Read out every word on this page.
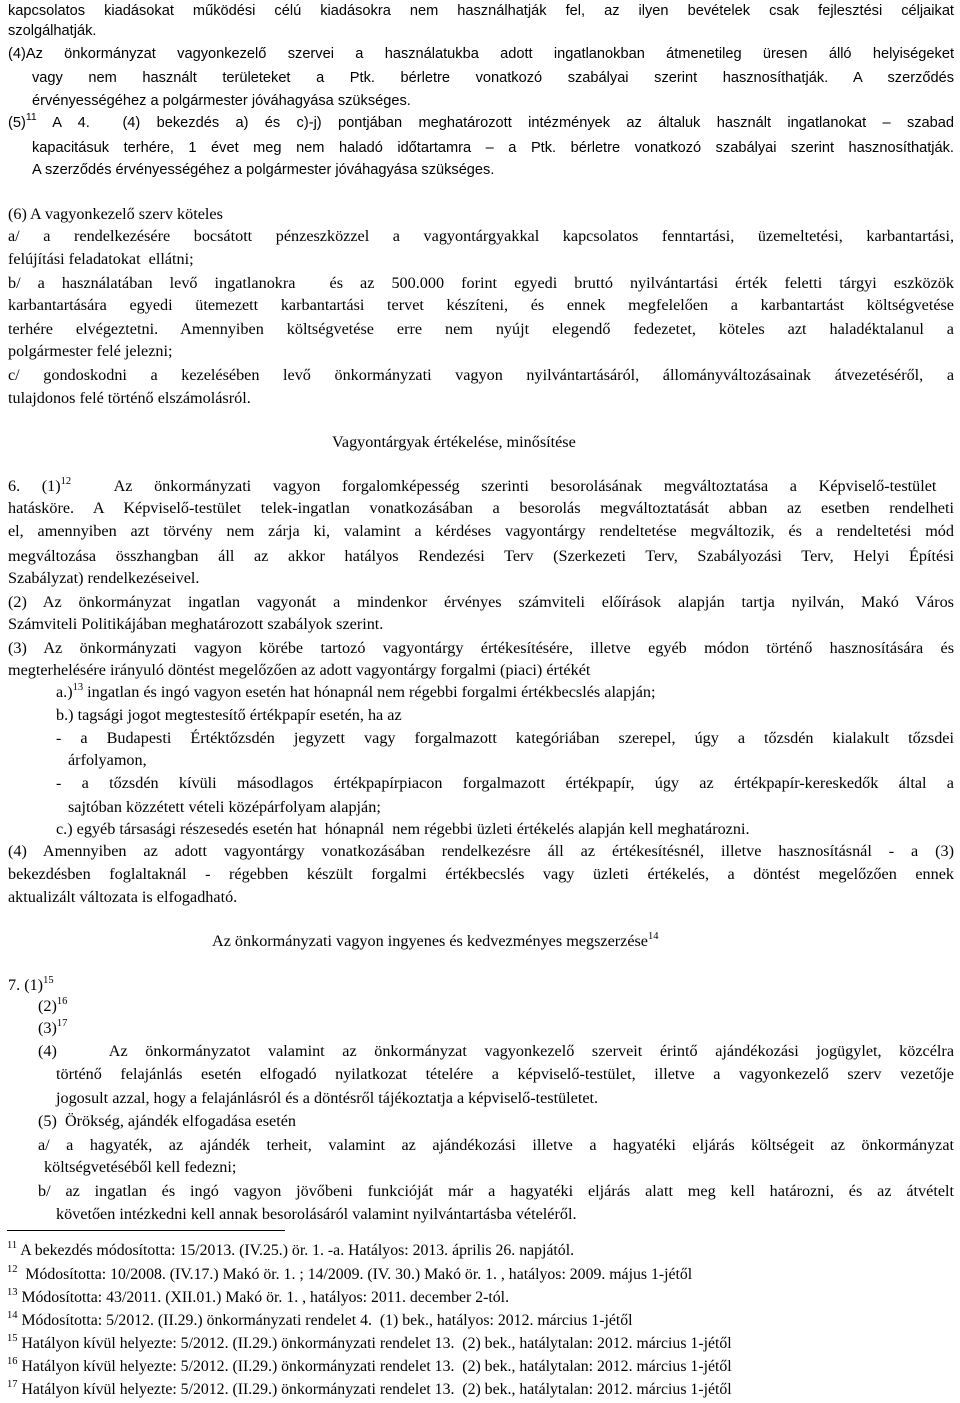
kapcsolatos kiadásokat működési célú kiadásokra nem használhatják fel, az ilyen bevételek csak fejlesztési céljaikat
szolgálhatják.
(4)Az önkormányzat vagyonkezelő szervei a használatukba adott ingatlanokban átmenetileg üresen álló helyiségeket
vagy nem használt területeket a Ptk. bérletre vonatkozó szabályai szerint hasznosíthatják. A szerződés
érvényességéhez a polgármester jóváhagyása szükséges.
$(5)^{11}$ A 4.  (4) bekezdés a) és c)-j) pontjában meghatározott intézmények az általuk használt ingatlanokat – szabad
kapacitásuk terhére, 1 évet meg nem haladó időtartamra – a Ptk. bérletre vonatkozó szabályai szerint hasznosíthatják.
A szerződés érvényességéhez a polgármester jóváhagyása szükséges.
(6) A vagyonkezelő szerv köteles
a/ a rendelkezésére bocsátott pénzeszközzel a vagyontárgyakkal kapcsolatos fenntartási, üzemeltetési, karbantartási,
felújítási feladatokat  ellátni;
b/ a használatában levő ingatlanokra  és az 500.000 forint egyedi bruttó nyilvántartási érték feletti tárgyi eszközök
karbantartására egyedi ütemezett karbantartási tervet készíteni, és ennek megfelelően a karbantartást költségvetése
terhére elvégeztetni. Amennyiben költségvetése erre nem nyújt elegendő fedezetet, köteles azt haladéktalanul a
polgármester felé jelezni;
c/ gondoskodni a kezelésében levő önkormányzati vagyon nyilvántartásáról, állományváltozásainak átvezetéséről, a
tulajdonos felé történő elszámolásról.
Vagyontárgyak értékelése, minősítése
6. $(1)^{12}$  Az önkormányzati vagyon forgalomképesség szerinti besorolásának megváltoztatása a Képviselő-testület
hatásköre. A Képviselő-testület telek-ingatlan vonatkozásában a besorolás megváltoztatását abban az esetben rendelheti
el, amennyiben azt törvény nem zárja ki, valamint a kérdéses vagyontárgy rendeltetése megváltozik, és a rendeltetési mód
megváltozása összhangban áll az akkor hatályos Rendezési Terv (Szerkezeti Terv, Szabályozási Terv, Helyi Építési
Szabályzat) rendelkezéseivel.
(2) Az önkormányzat ingatlan vagyonát a mindenkor érvényes számviteli előírások alapján tartja nyilván, Makó Város
Számviteli Politikájában meghatározott szabályok szerint.
(3) Az önkormányzati vagyon körébe tartozó vagyontárgy értékesítésére, illetve egyéb módon történő hasznosítására és
megterhelésére irányuló döntést megelőzően az adott vagyontárgy forgalmi (piaci) értékét
a.)$^{13}$ ingatlan és ingó vagyon esetén hat hónapnál nem régebbi forgalmi értékbecslés alapján;
b.) tagsági jogot megtestesítő értékpapír esetén, ha az
- a Budapesti Értéktőzsdén jegyzett vagy forgalmazott kategóriában szerepel, úgy a tőzsdén kialakult tőzsdei
árfolyamon,
- a tőzsdén kívüli másodlagos értékpapírpiacon forgalmazott értékpapír, úgy az értékpapír-kereskedők által a
sajtóban közzétett vételi középárfolyam alapján;
c.) egyéb társasági részesedés esetén hat  hónapnál  nem régebbi üzleti értékelés alapján kell meghatározni.
(4) Amennyiben az adott vagyontárgy vonatkozásában rendelkezésre áll az értékesítésnél, illetve hasznosításnál - a (3)
bekezdésben foglaltaknál - régebben készült forgalmi értékbecslés vagy üzleti értékelés, a döntést megelőzően ennek
aktualizált változata is elfogadható.
Az önkormányzati vagyon ingyenes és kedvezményes megszerzése$^{14}$
7. $(1)^{15}$
$(2)^{16}$
$(3)^{17}$
(4)   Az önkormányzatot valamint az önkormányzat vagyonkezelő szerveit érintő ajándékozási jogügylet, közcélra
történő felajánlás esetén elfogadó nyilatkozat tételére a képviselő-testület, illetve a vagyonkezelő szerv vezetője
jogosult azzal, hogy a felajánlásról és a döntésről tájékoztatja a képviselő-testületet.
(5)  Örökség, ajándék elfogadása esetén
a/ a hagyaték, az ajándék terheit, valamint az ajándékozási illetve a hagyatéki eljárás költségeit az önkormányzat
költségvetéséből kell fedezni;
b/ az ingatlan és ingó vagyon jövőbeni funkcióját már a hagyatéki eljárás alatt meg kell határozni, és az átvételt
követően intézkedni kell annak besorolásáról valamint nyilvántartásba vételéről.
$^{11}$ A bekezdés módosította: 15/2013. (IV.25.) ör. 1. -a. Hatályos: 2013. április 26. napjától.
$^{12}$  Módosította: 10/2008. (IV.17.) Makó ör. 1. ; 14/2009. (IV. 30.) Makó ör. 1. , hatályos: 2009. május 1-jétől
$^{13}$ Módosította: 43/2011. (XII.01.) Makó ör. 1. , hatályos: 2011. december 2-tól.
$^{14}$ Módosította: 5/2012. (II.29.) önkormányzati rendelet 4.  (1) bek., hatályos: 2012. március 1-jétől
$^{15}$ Hatályon kívül helyezte: 5/2012. (II.29.) önkormányzati rendelet 13.  (2) bek., hatálytalan: 2012. március 1-jétől
$^{16}$ Hatályon kívül helyezte: 5/2012. (II.29.) önkormányzati rendelet 13.  (2) bek., hatálytalan: 2012. március 1-jétől
$^{17}$ Hatályon kívül helyezte: 5/2012. (II.29.) önkormányzati rendelet 13.  (2) bek., hatálytalan: 2012. március 1-jétől
